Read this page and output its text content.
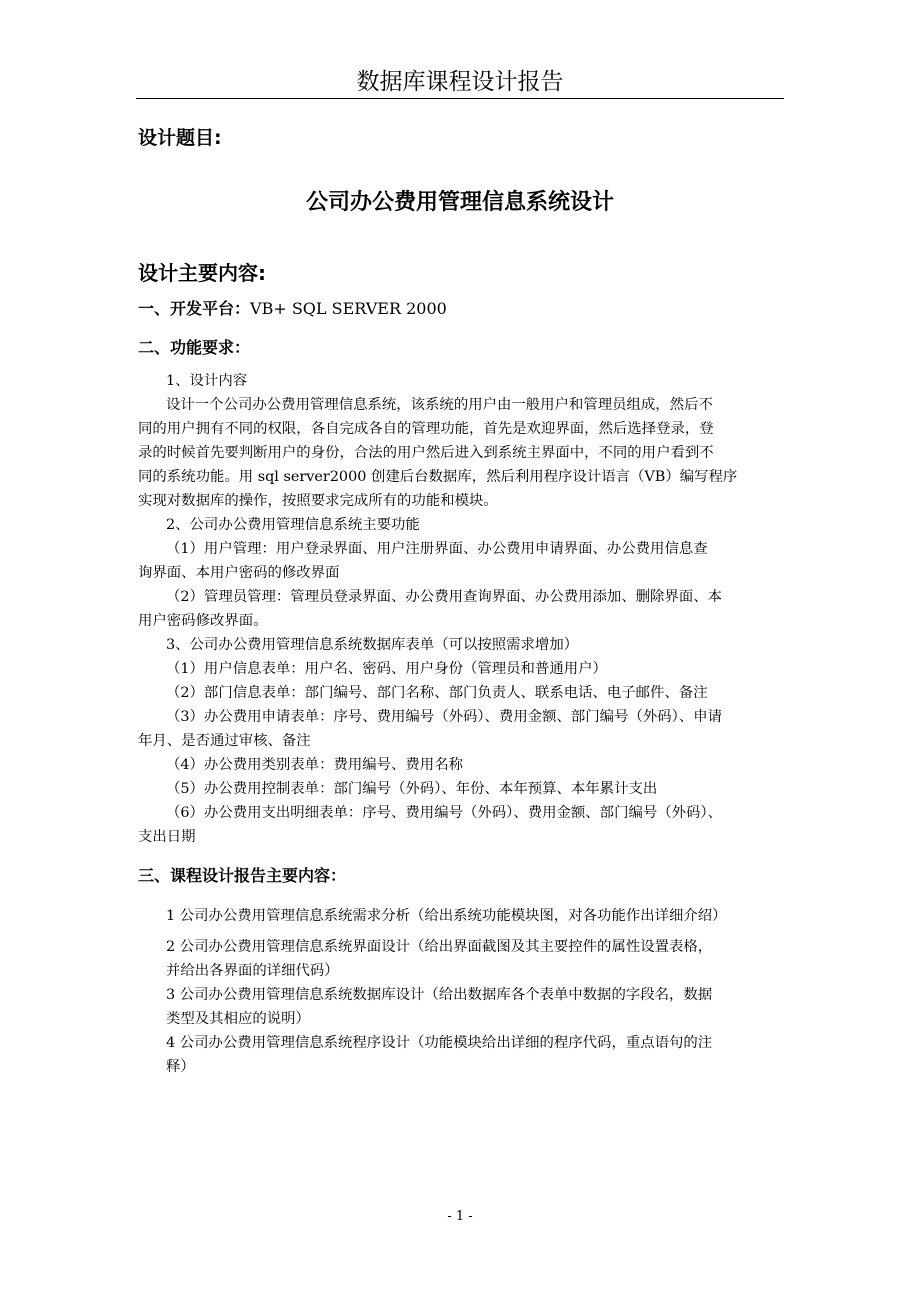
数据库课程设计报告
设计题目:
公司办公费用管理信息系统设计
设计主要内容:
一、开发平台：VB+ SQL SERVER 2000
二、功能要求：
1、设计内容
设计一个公司办公费用管理信息系统，该系统的用户由一般用户和管理员组成，然后不
同的用户拥有不同的权限，各自完成各自的管理功能，首先是欢迎界面，然后选择登录，登
录的时候首先要判断用户的身份，合法的用户然后进入到系统主界面中，不同的用户看到不
同的系统功能。用 sql server2000 创建后台数据库，然后利用程序设计语言（VB）编写程序
实现对数据库的操作，按照要求完成所有的功能和模块。
2、公司办公费用管理信息系统主要功能
（1）用户管理：用户登录界面、用户注册界面、办公费用申请界面、办公费用信息查
询界面、本用户密码的修改界面
（2）管理员管理：管理员登录界面、办公费用查询界面、办公费用添加、删除界面、本
用户密码修改界面。
3、公司办公费用管理信息系统数据库表单（可以按照需求增加）
（1）用户信息表单：用户名、密码、用户身份（管理员和普通用户）
（2）部门信息表单：部门编号、部门名称、部门负责人、联系电话、电子邮件、备注
（3）办公费用申请表单：序号、费用编号（外码）、费用金额、部门编号（外码）、申请
年月、是否通过审核、备注
（4）办公费用类别表单：费用编号、费用名称
（5）办公费用控制表单：部门编号（外码）、年份、本年预算、本年累计支出
（6）办公费用支出明细表单：序号、费用编号（外码）、费用金额、部门编号（外码）、
支出日期
三、课程设计报告主要内容：
1 公司办公费用管理信息系统需求分析（给出系统功能模块图，对各功能作出详细介绍）
2 公司办公费用管理信息系统界面设计（给出界面截图及其主要控件的属性设置表格，
并给出各界面的详细代码）
3 公司办公费用管理信息系统数据库设计（给出数据库各个表单中数据的字段名，数据
类型及其相应的说明）
4 公司办公费用管理信息系统程序设计（功能模块给出详细的程序代码，重点语句的注
释）
- 1 -
